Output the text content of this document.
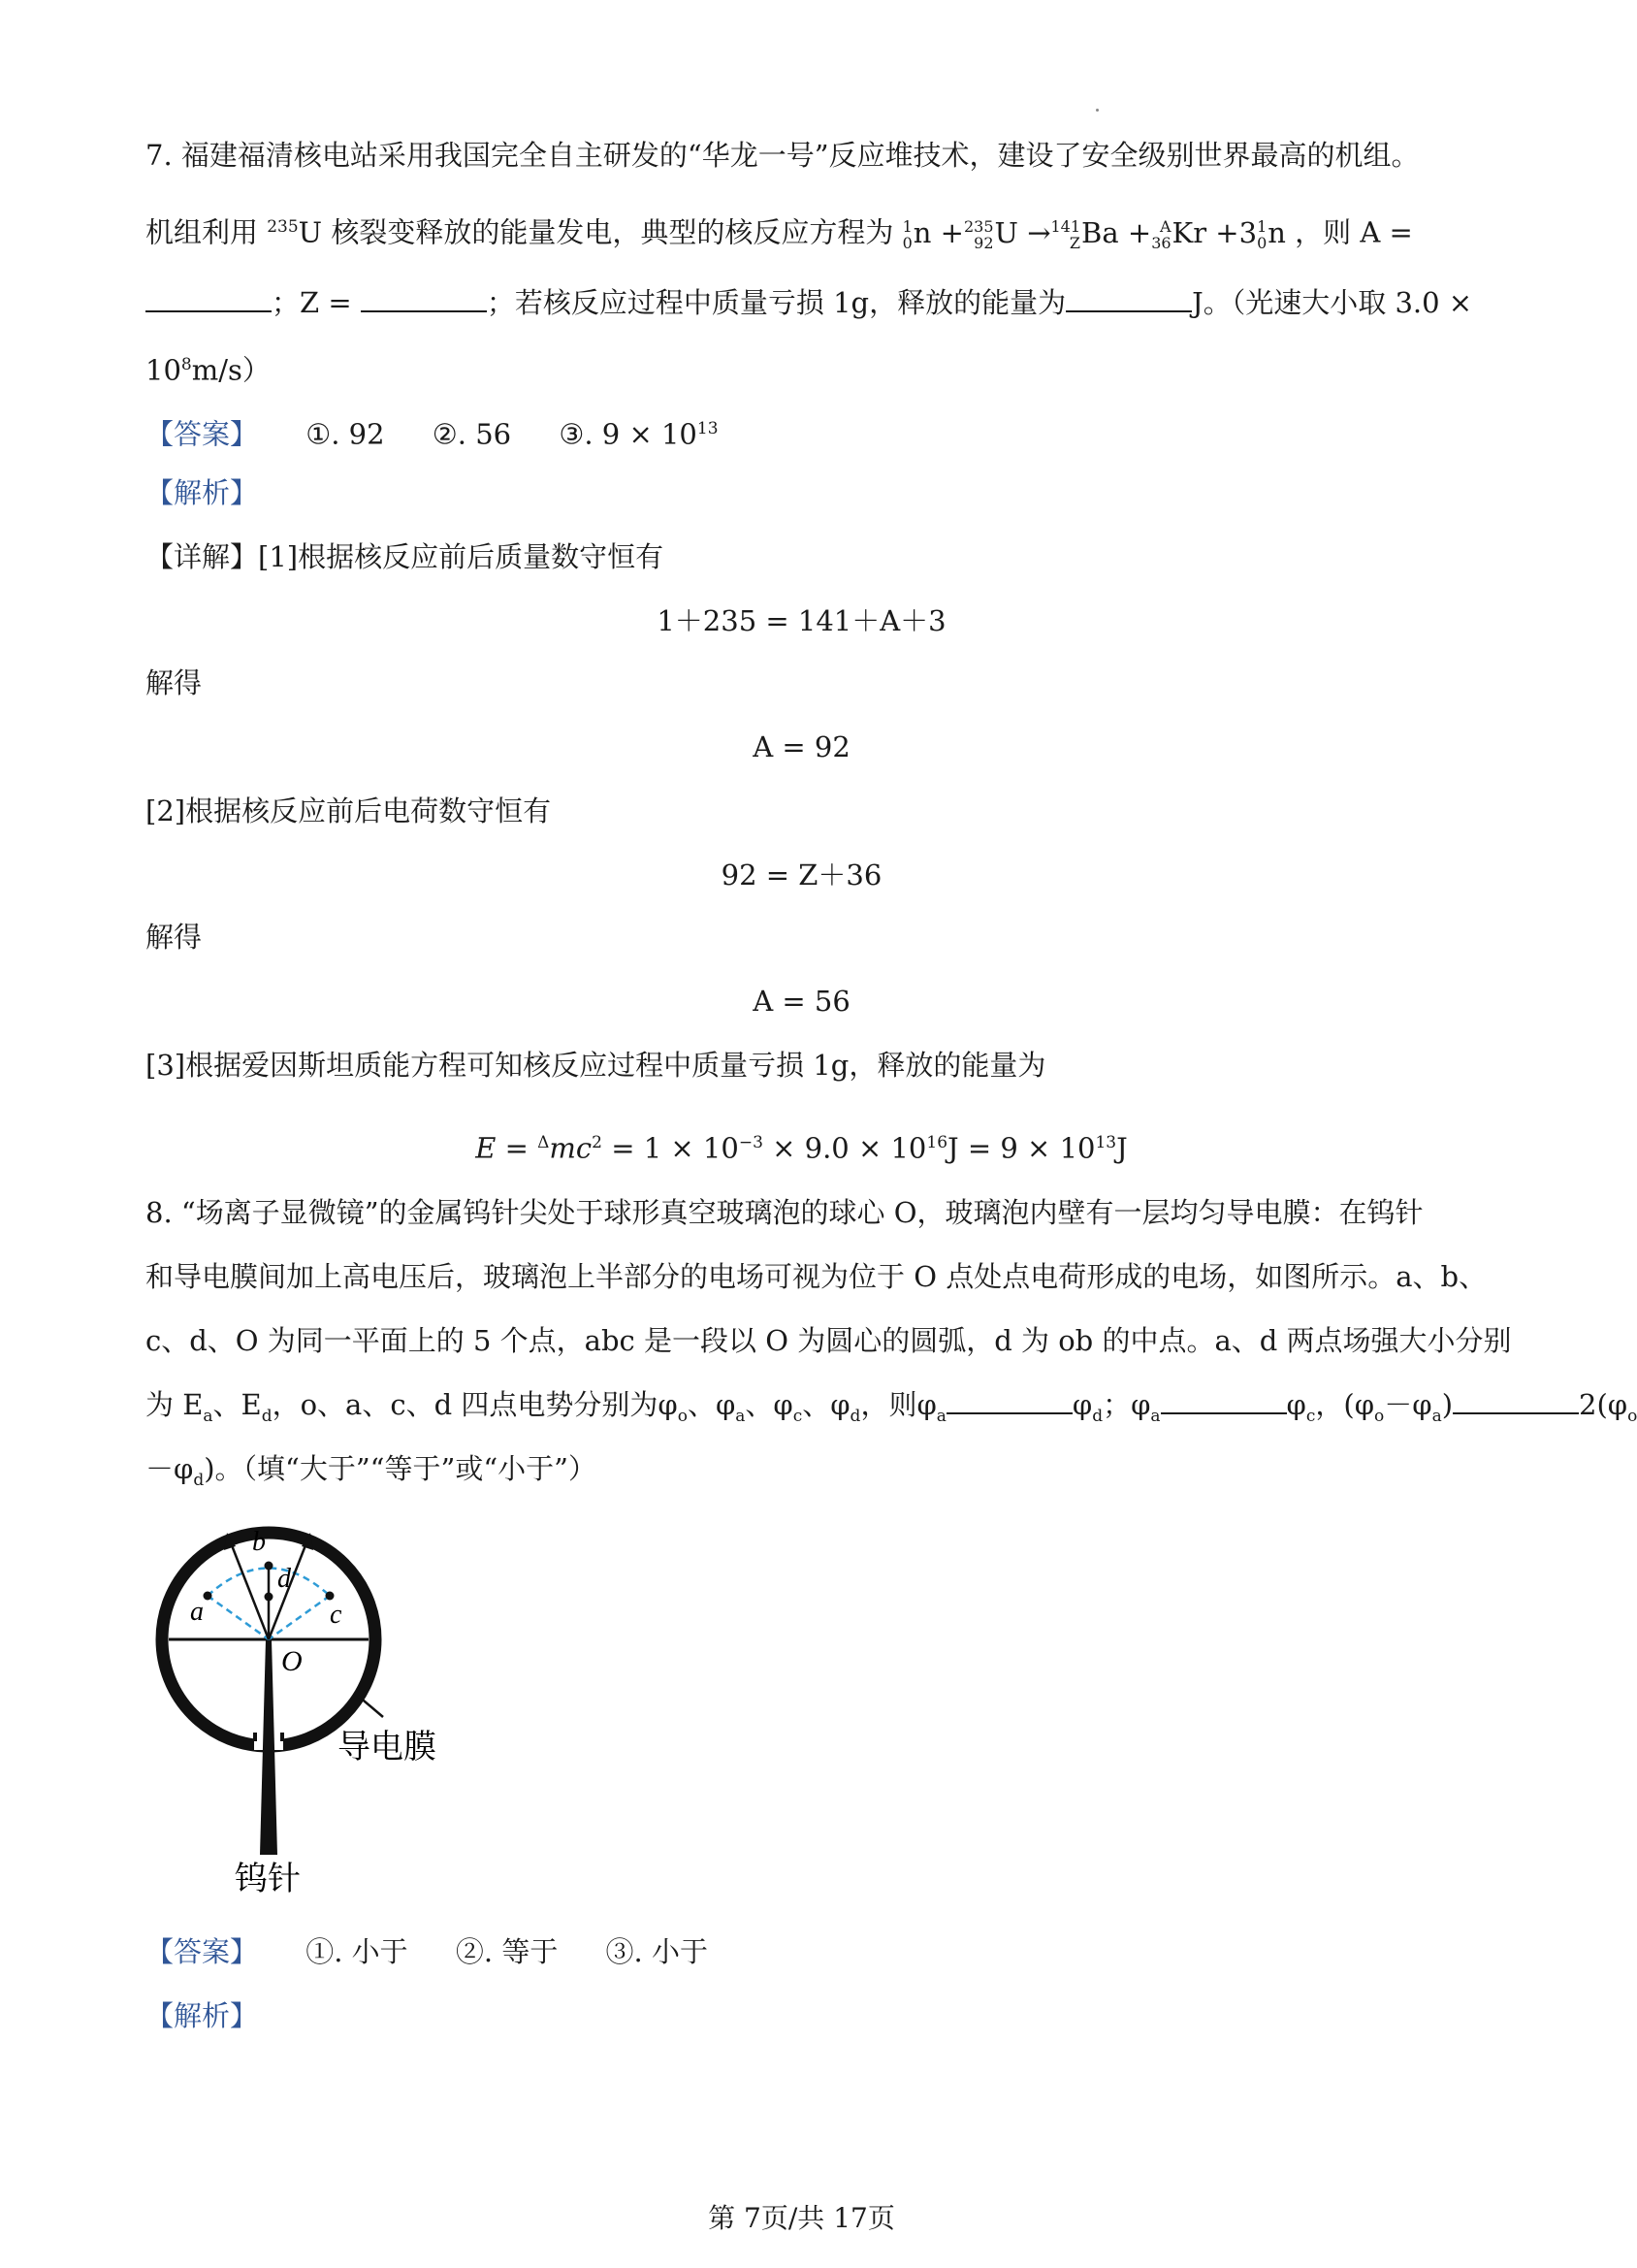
7. 福建福清核电站采用我国完全自主研发的“华龙一号”反应堆技术，建设了安全级别世界最高的机组。
机组利用 $^{235}$U 核裂变释放的能量发电，典型的核反应方程为 1
0 n + 235
92 U → 141
Z Ba + A
36 Kr +3 1
0 n ，则 A =
；Z =	；若核反应过程中质量亏损 1g，释放的能量为	J。（光速大小取 3.0 ×
$10^8m/s$）
【答案】 ①. 92 ②. 56 ③. $9 \times 10^{13}$
【解析】
【详解】[1]根据核反应前后质量数守恒有
1＋235 = 141＋A＋3
解得
A = 92
[2]根据核反应前后电荷数守恒有
92 = Z＋36
解得
A = 56
[3]根据爱因斯坦质能方程可知核反应过程中质量亏损 1g，释放的能量为
$E = ^\Delta mc^2 = 1 \times 10^{-3} \times 9.0 \times 10^{16}J = 9 \times 10^{13}J$
8. “场离子显微镜”的金属钨针尖处于球形真空玻璃泡的球心 O，玻璃泡内壁有一层均匀导电膜：在钨针
和导电膜间加上高电压后，玻璃泡上半部分的电场可视为位于 O 点处点电荷形成的电场，如图所示。a、b、
c、d、O 为同一平面上的 5 个点，abc 是一段以 O 为圆心的圆弧，d 为 ob 的中点。a、d 两点场强大小分别
为 $E_a$、$E_d$，o、a、c、d 四点电势分别为$\varphi_o$、$\varphi_a$、$\varphi_c$、$\varphi_d$，则$\varphi_a$	$\varphi_d$；$\varphi_a$	$\varphi_c$，$(\varphi_o-\varphi_a)$	$2(\varphi_o$
$-\varphi_d$)。（填“大于”“等于”或“小于”）
a
b
d
c
O
导电膜
钨针
【答案】 ①. 小于 ②. 等于 ③. 小于
【解析】
第 7页/共 17页
